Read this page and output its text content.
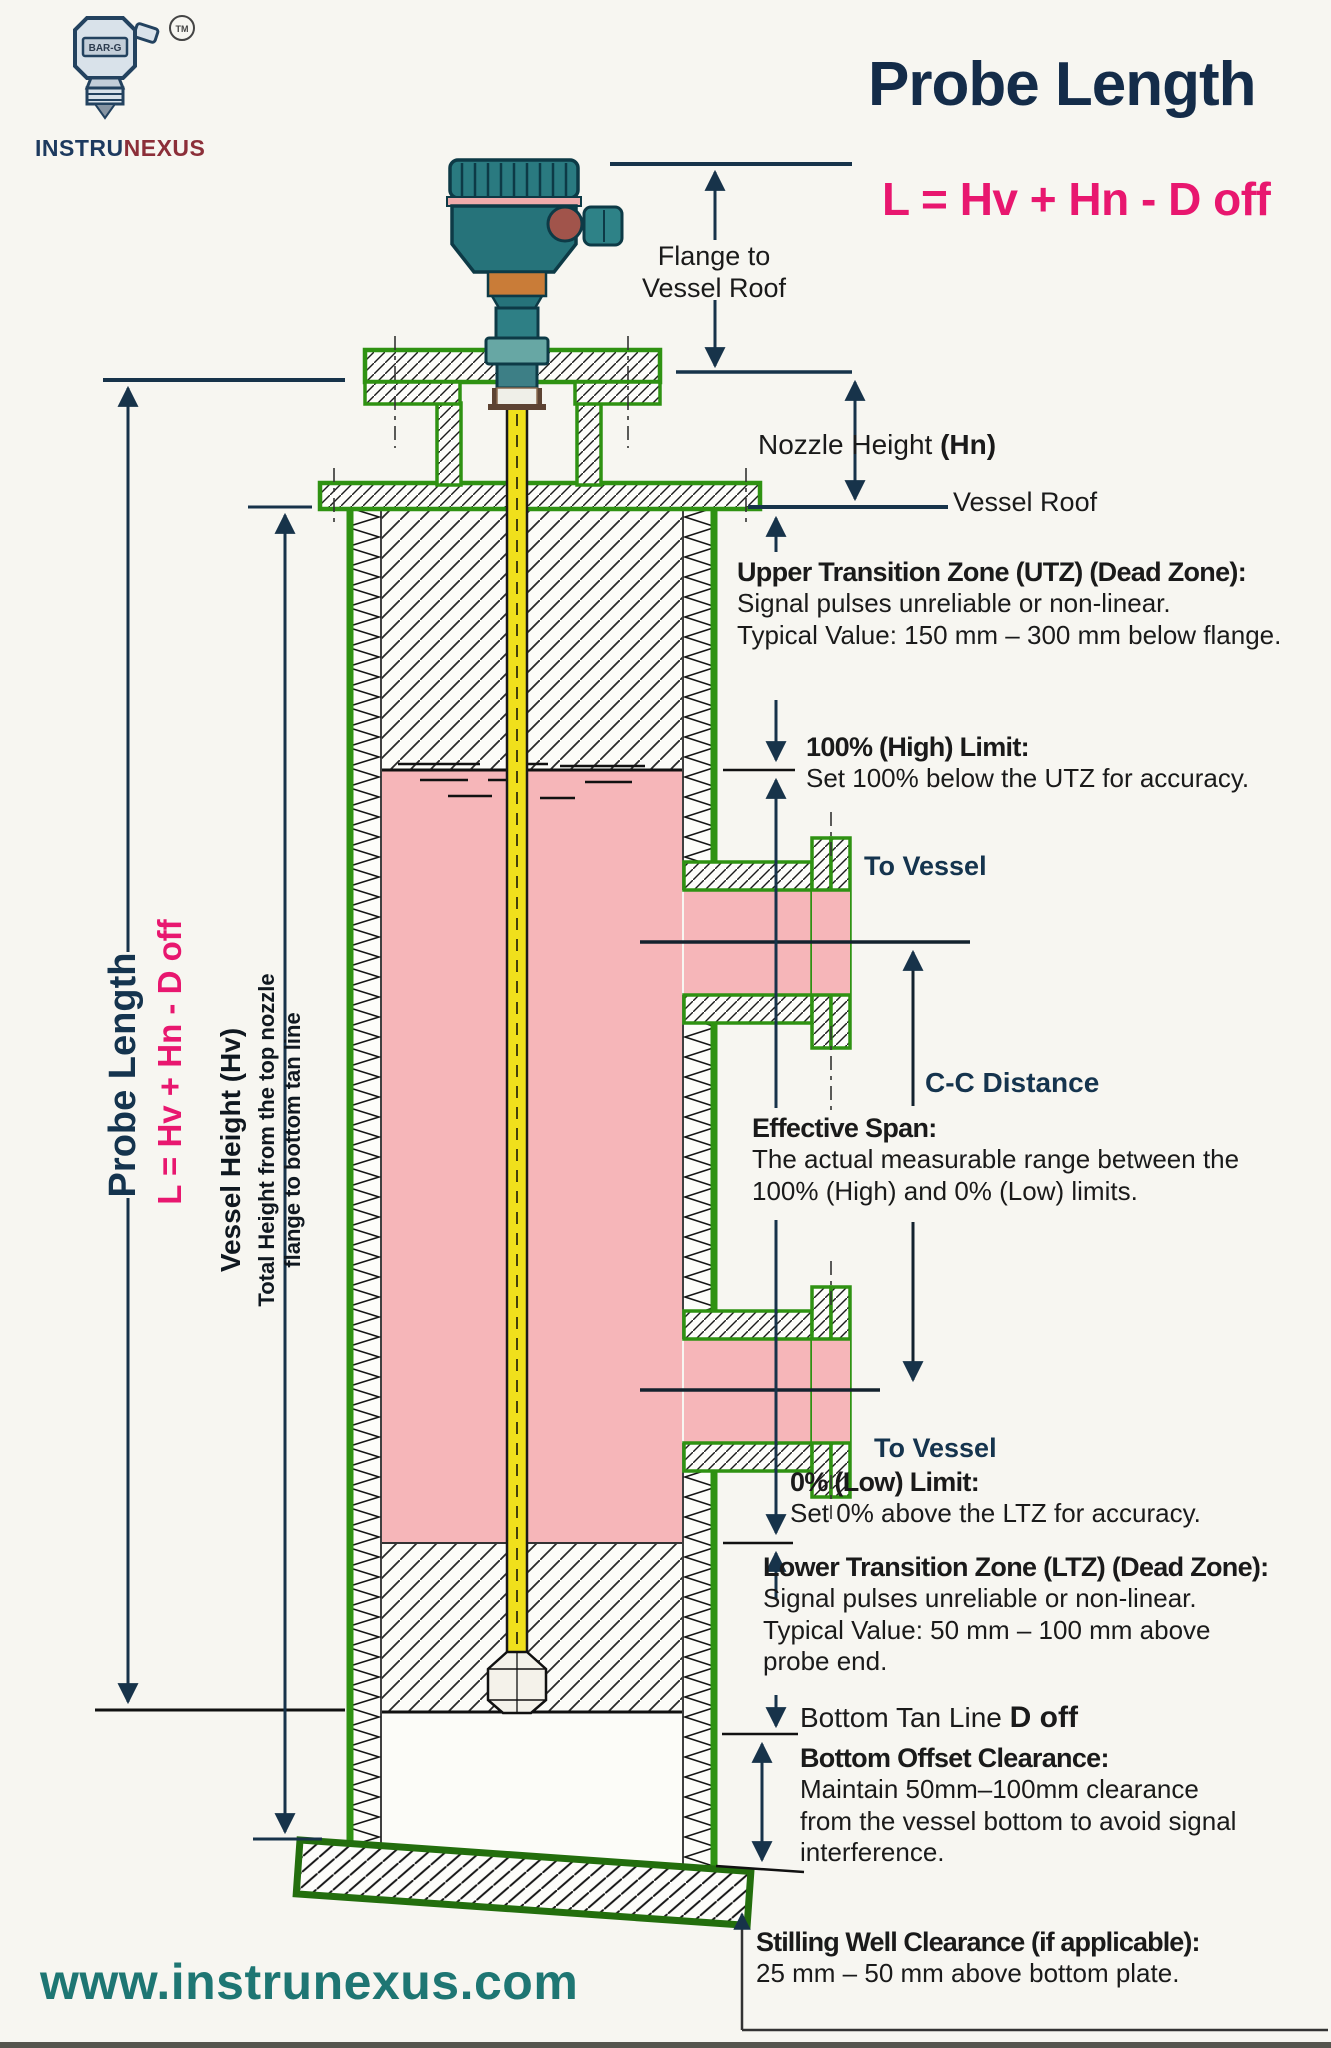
TM
BAR-G
INSTRUNEXUS
Probe Length
L = Hv + Hn - D off
Probe Length L = Hv + Hn - D off Vessel Height (Hv) Total Height from the top nozzle flange to bottom tan line
Flange to
Vessel Roof
Nozzle Height (Hn)
Vessel Roof
Upper Transition Zone (UTZ) (Dead Zone):
Signal pulses unreliable or non-linear.
Typical Value: 150 mm – 300 mm below flange.
100% (High) Limit:
Set 100% below the UTZ for accuracy.
To Vessel
C-C Distance
Effective Span:
The actual measurable range between the
100% (High) and 0% (Low) limits.
To Vessel
0% (Low) Limit:
Set 0% above the LTZ for accuracy.
Lower Transition Zone (LTZ) (Dead Zone):
Signal pulses unreliable or non-linear.
Typical Value: 50 mm – 100 mm above
probe end.
Bottom Tan Line D off
Bottom Offset Clearance:
Maintain 50mm–100mm clearance
from the vessel bottom to avoid signal
interference.
Stilling Well Clearance (if applicable):
25 mm – 50 mm above bottom plate.
www.instrunexus.com
